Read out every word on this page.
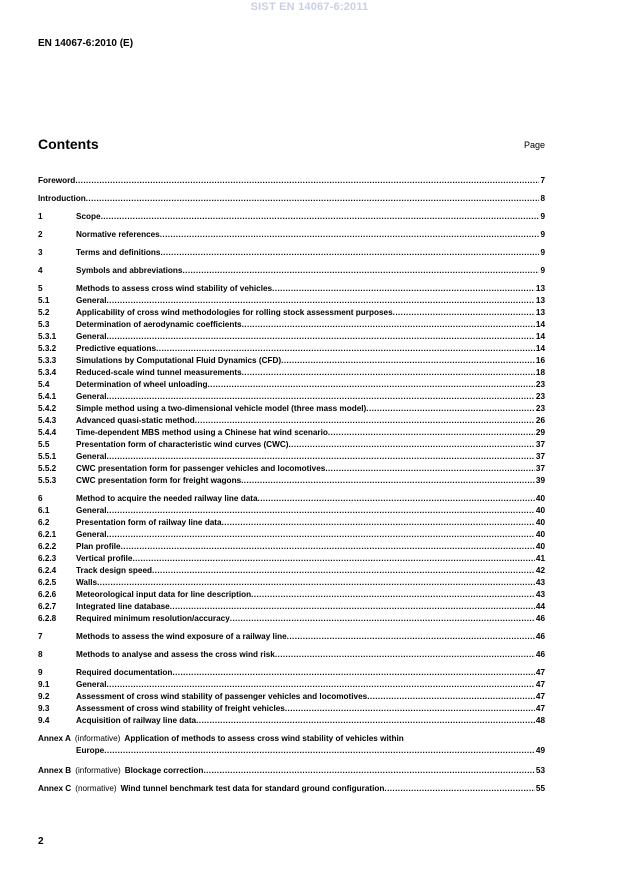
SIST EN 14067-6:2011
EN 14067-6:2010 (E)
Contents	Page
Foreword .....	7
Introduction .....	8
1	Scope .....	9
2	Normative references .....	9
3	Terms and definitions .....	9
4	Symbols and abbreviations .....	9
5	Methods to assess cross wind stability of vehicles .....	13
5.1	General .....	13
5.2	Applicability of cross wind methodologies for rolling stock assessment purposes .....	13
5.3	Determination of aerodynamic coefficients .....	14
5.3.1	General .....	14
5.3.2	Predictive equations .....	14
5.3.3	Simulations by Computational Fluid Dynamics (CFD) .....	16
5.3.4	Reduced-scale wind tunnel measurements .....	18
5.4	Determination of wheel unloading .....	23
5.4.1	General .....	23
5.4.2	Simple method using a two-dimensional vehicle model (three mass model) .....	23
5.4.3	Advanced quasi-static method .....	26
5.4.4	Time-dependent MBS method using a Chinese hat wind scenario .....	29
5.5	Presentation form of characteristic wind curves (CWC) .....	37
5.5.1	General .....	37
5.5.2	CWC presentation form for passenger vehicles and locomotives .....	37
5.5.3	CWC presentation form for freight wagons .....	39
6	Method to acquire the needed railway line data .....	40
6.1	General .....	40
6.2	Presentation form of railway line data .....	40
6.2.1	General .....	40
6.2.2	Plan profile .....	40
6.2.3	Vertical profile .....	41
6.2.4	Track design speed .....	42
6.2.5	Walls .....	43
6.2.6	Meteorological input data for line description .....	43
6.2.7	Integrated line database .....	44
6.2.8	Required minimum resolution/accuracy .....	46
7	Methods to assess the wind exposure of a railway line .....	46
8	Methods to analyse and assess the cross wind risk .....	46
9	Required documentation .....	47
9.1	General .....	47
9.2	Assessment of cross wind stability of passenger vehicles and locomotives .....	47
9.3	Assessment of cross wind stability of freight vehicles .....	47
9.4	Acquisition of railway line data .....	48
Annex A (informative) Application of methods to assess cross wind stability of vehicles within
Europe .....	49
Annex B (informative) Blockage correction .....	53
Annex C (normative) Wind tunnel benchmark test data for standard ground configuration .....	55
2
